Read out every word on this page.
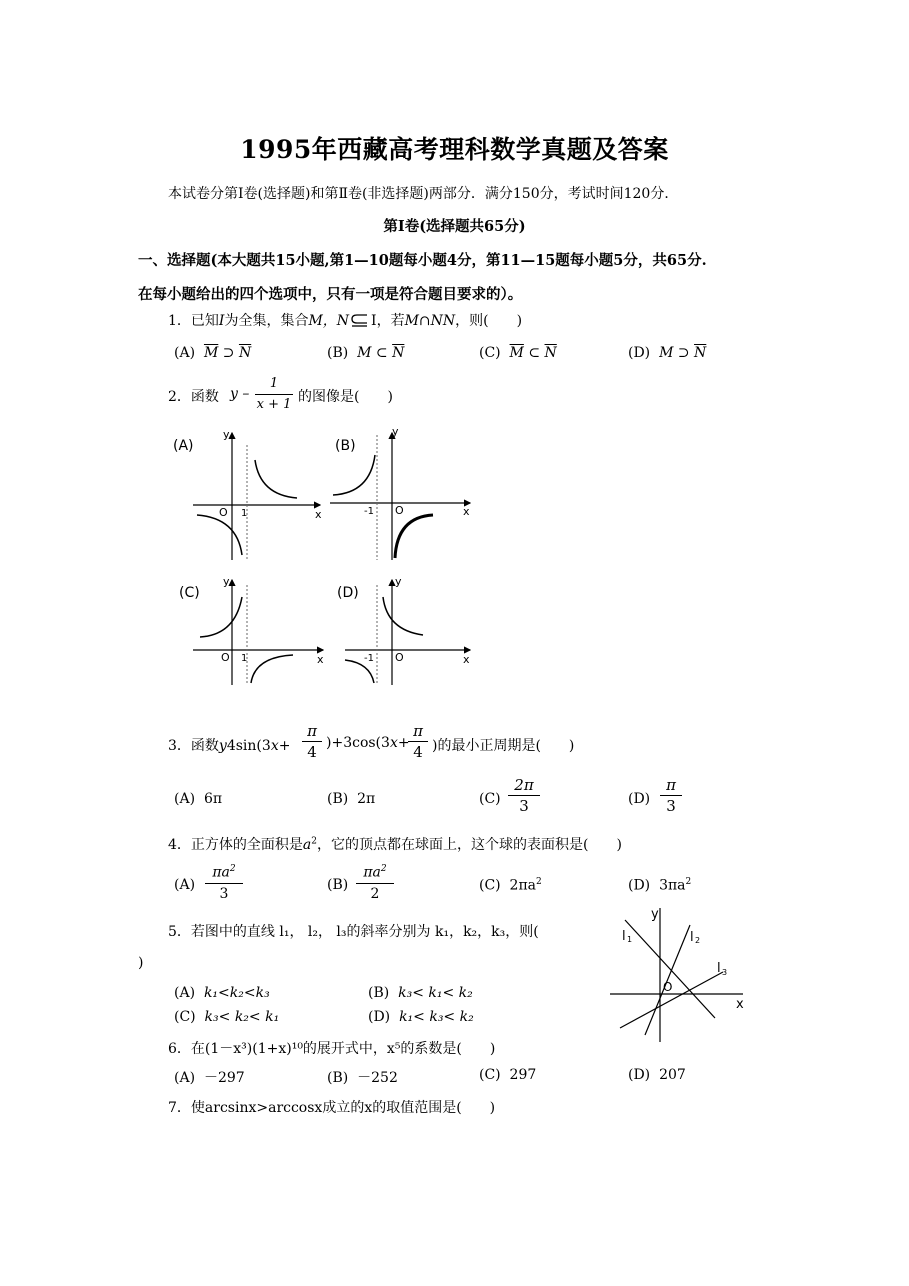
1995年西藏高考理科数学真题及答案
本试卷分第Ⅰ卷(选择题)和第Ⅱ卷(非选择题)两部分．满分150分，考试时间120分．
第Ⅰ卷(选择题共65分)
一、选择题(本大题共15小题,第1—10题每小题4分，第11—15题每小题5分，共65分.
在每小题给出的四个选项中，只有一项是符合题目要求的）。
1．已知I为全集，集合M，N I，若M∩NN，则(　　)
(A) $\overline{M}$ ⊃ $\overline{N}$	(B) M ⊂ $\overline{N}$	(C) $\overline{M}$ ⊂ $\overline{N}$	(D) M ⊃ $\overline{N}$
2．函数 y –
1
x + 1 的图像是(　　)
(A)
x
y
O 1
(B)
x
y
-1 O
(C)
x
y
O 1
(D)
x
y
-1 O
3．函数y4sin(3x+
π
4 )+3cos(3x+
π
4 )的最小正周期是(　　)
(A) 6π	(B) 2π	(C)
2π
3	(D)
π
3
4．正方体的全面积是$a^2$，它的顶点都在球面上，这个球的表面积是(　　)
(A)
$\pi a^2$
3
(B)
$\pi a^2$
2	(C) $2\pi a^2$	(D) $3\pi a^2$
5．若图中的直线 l₁， l₂， l₃的斜率分别为 k₁，k₂，k₃，则(
)
(A) k₁<k₂<k₃	(B) k₃< k₁< k₂
(C) k₃< k₂< k₁	(D) k₁< k₃< k₂
y
x
O
l 1	l 2
l 3
6．在(1－x³)(1+x)¹⁰的展开式中，x⁵的系数是(　　)
(A) －297	(B) －252	(C) 297	(D) 207
7．使arcsinx>arccosx成立的x的取值范围是(　　)
